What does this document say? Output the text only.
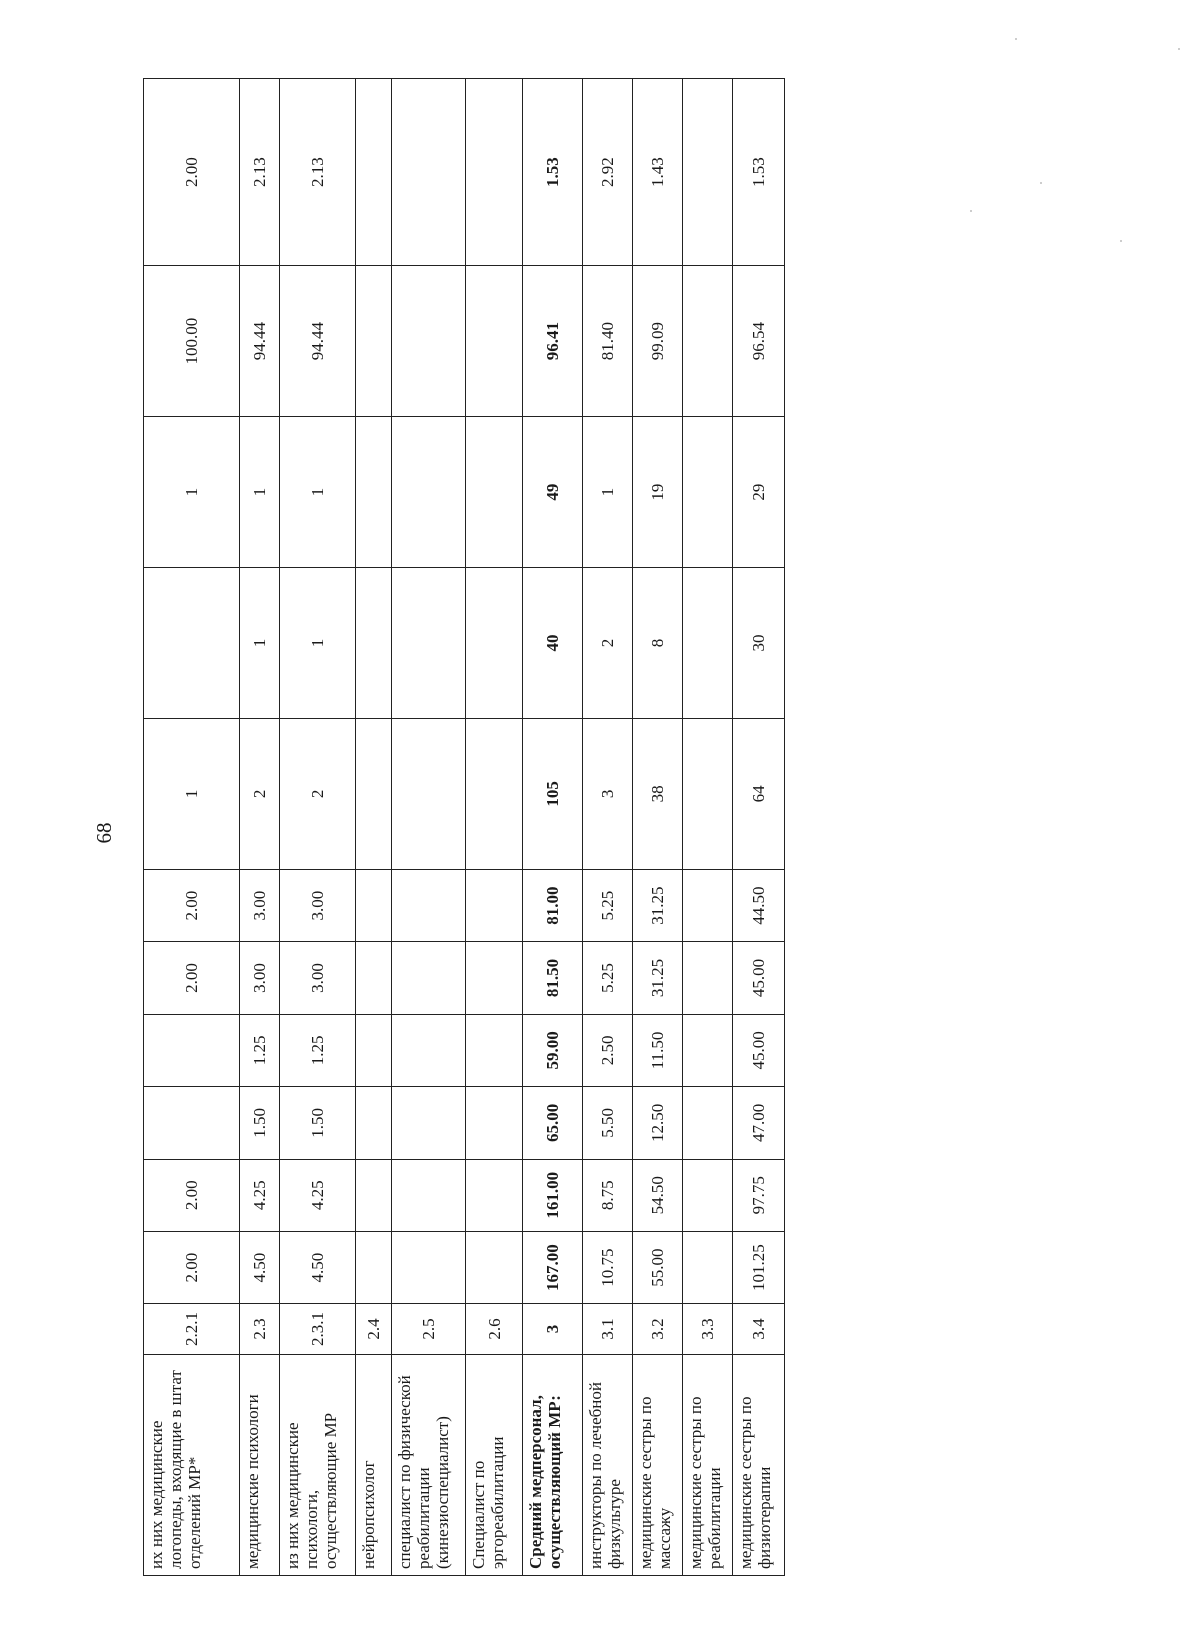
68
их них медицинские логопеды, входящие в штат отделений МР*	2.2.1	2.00	2.00			2.00	2.00	1		1	100.00	2.00
медицинские психологи	2.3	4.50	4.25	1.50	1.25	3.00	3.00	2	1	1	94.44	2.13
из них медицинские психологи, осуществляющие МР	2.3.1	4.50	4.25	1.50	1.25	3.00	3.00	2	1	1	94.44	2.13
нейропсихолог	2.4											
специалист по физической реабилитации (кинезиоспециалист)	2.5											
Специалист по эргореабилитации	2.6											
Средний медперсонал, осуществляющий МР:	3	167.00	161.00	65.00	59.00	81.50	81.00	105	40	49	96.41	1.53
инструкторы по лечебной физкультуре	3.1	10.75	8.75	5.50	2.50	5.25	5.25	3	2	1	81.40	2.92
медицинские сестры по массажу	3.2	55.00	54.50	12.50	11.50	31.25	31.25	38	8	19	99.09	1.43
медицинские сестры по реабилитации	3.3											
медицинские сестры по физиотерапии	3.4	101.25	97.75	47.00	45.00	45.00	44.50	64	30	29	96.54	1.53
